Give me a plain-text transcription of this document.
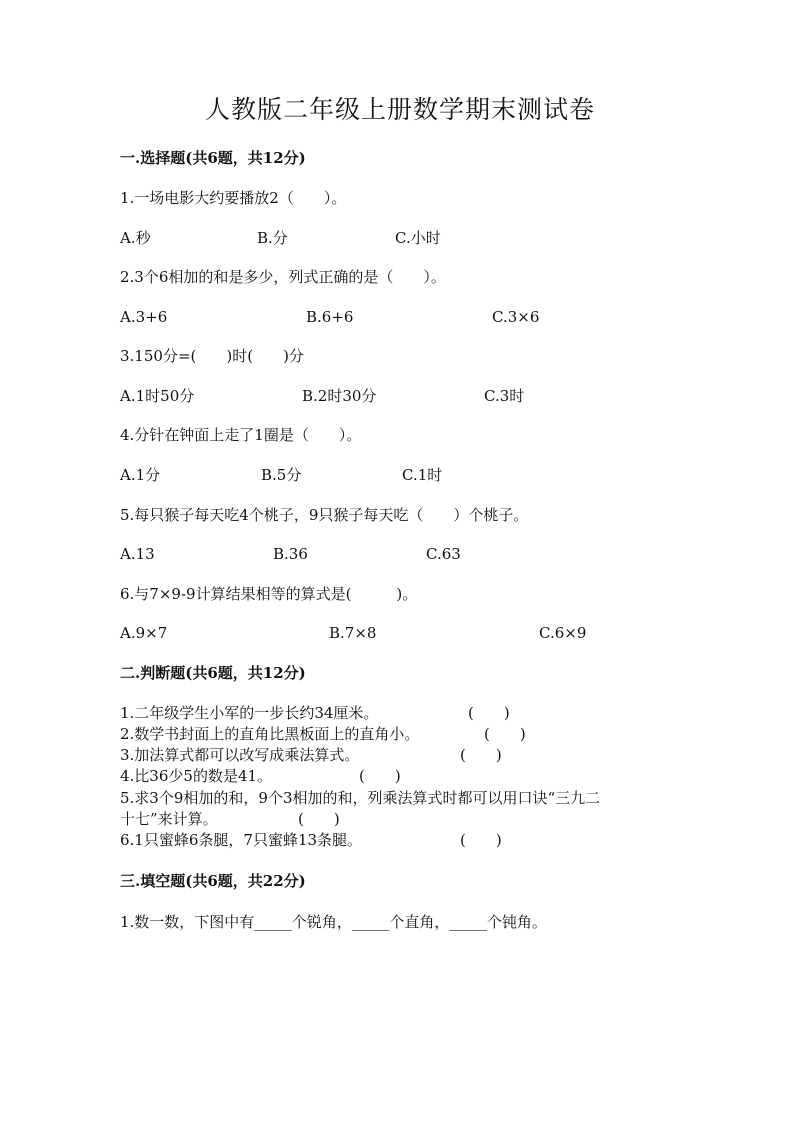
人教版二年级上册数学期末测试卷
一.选择题(共6题，共12分)
1.一场电影大约要播放2（　　）。
A.秒	B.分	C.小时
2.3个6相加的和是多少，列式正确的是（　　）。
A.3+6	B.6+6	C.3×6
3.150分=(　　)时(　　)分
A.1时50分	B.2时30分	C.3时
4.分针在钟面上走了1圈是（　　）。
A.1分	B.5分	C.1时
5.每只猴子每天吃4个桃子，9只猴子每天吃（　　）个桃子。
A.13	B.36	C.63
6.与7×9-9计算结果相等的算式是(　　　)。
A.9×7	B.7×8	C.6×9
二.判断题(共6题，共12分)
1.二年级学生小军的一步长约34厘米。	(　　)
2.数学书封面上的直角比黑板面上的直角小。	(　　)
3.加法算式都可以改写成乘法算式。	(　　)
4.比36少5的数是41。	(　　)
5.求3个9相加的和，9个3相加的和，列乘法算式时都可以用口诀“三九二
十七”来计算。	(　　)
6.1只蜜蜂6条腿，7只蜜蜂13条腿。	(　　)
三.填空题(共6题，共22分)
1.数一数，下图中有_____个锐角，_____个直角，_____个钝角。
